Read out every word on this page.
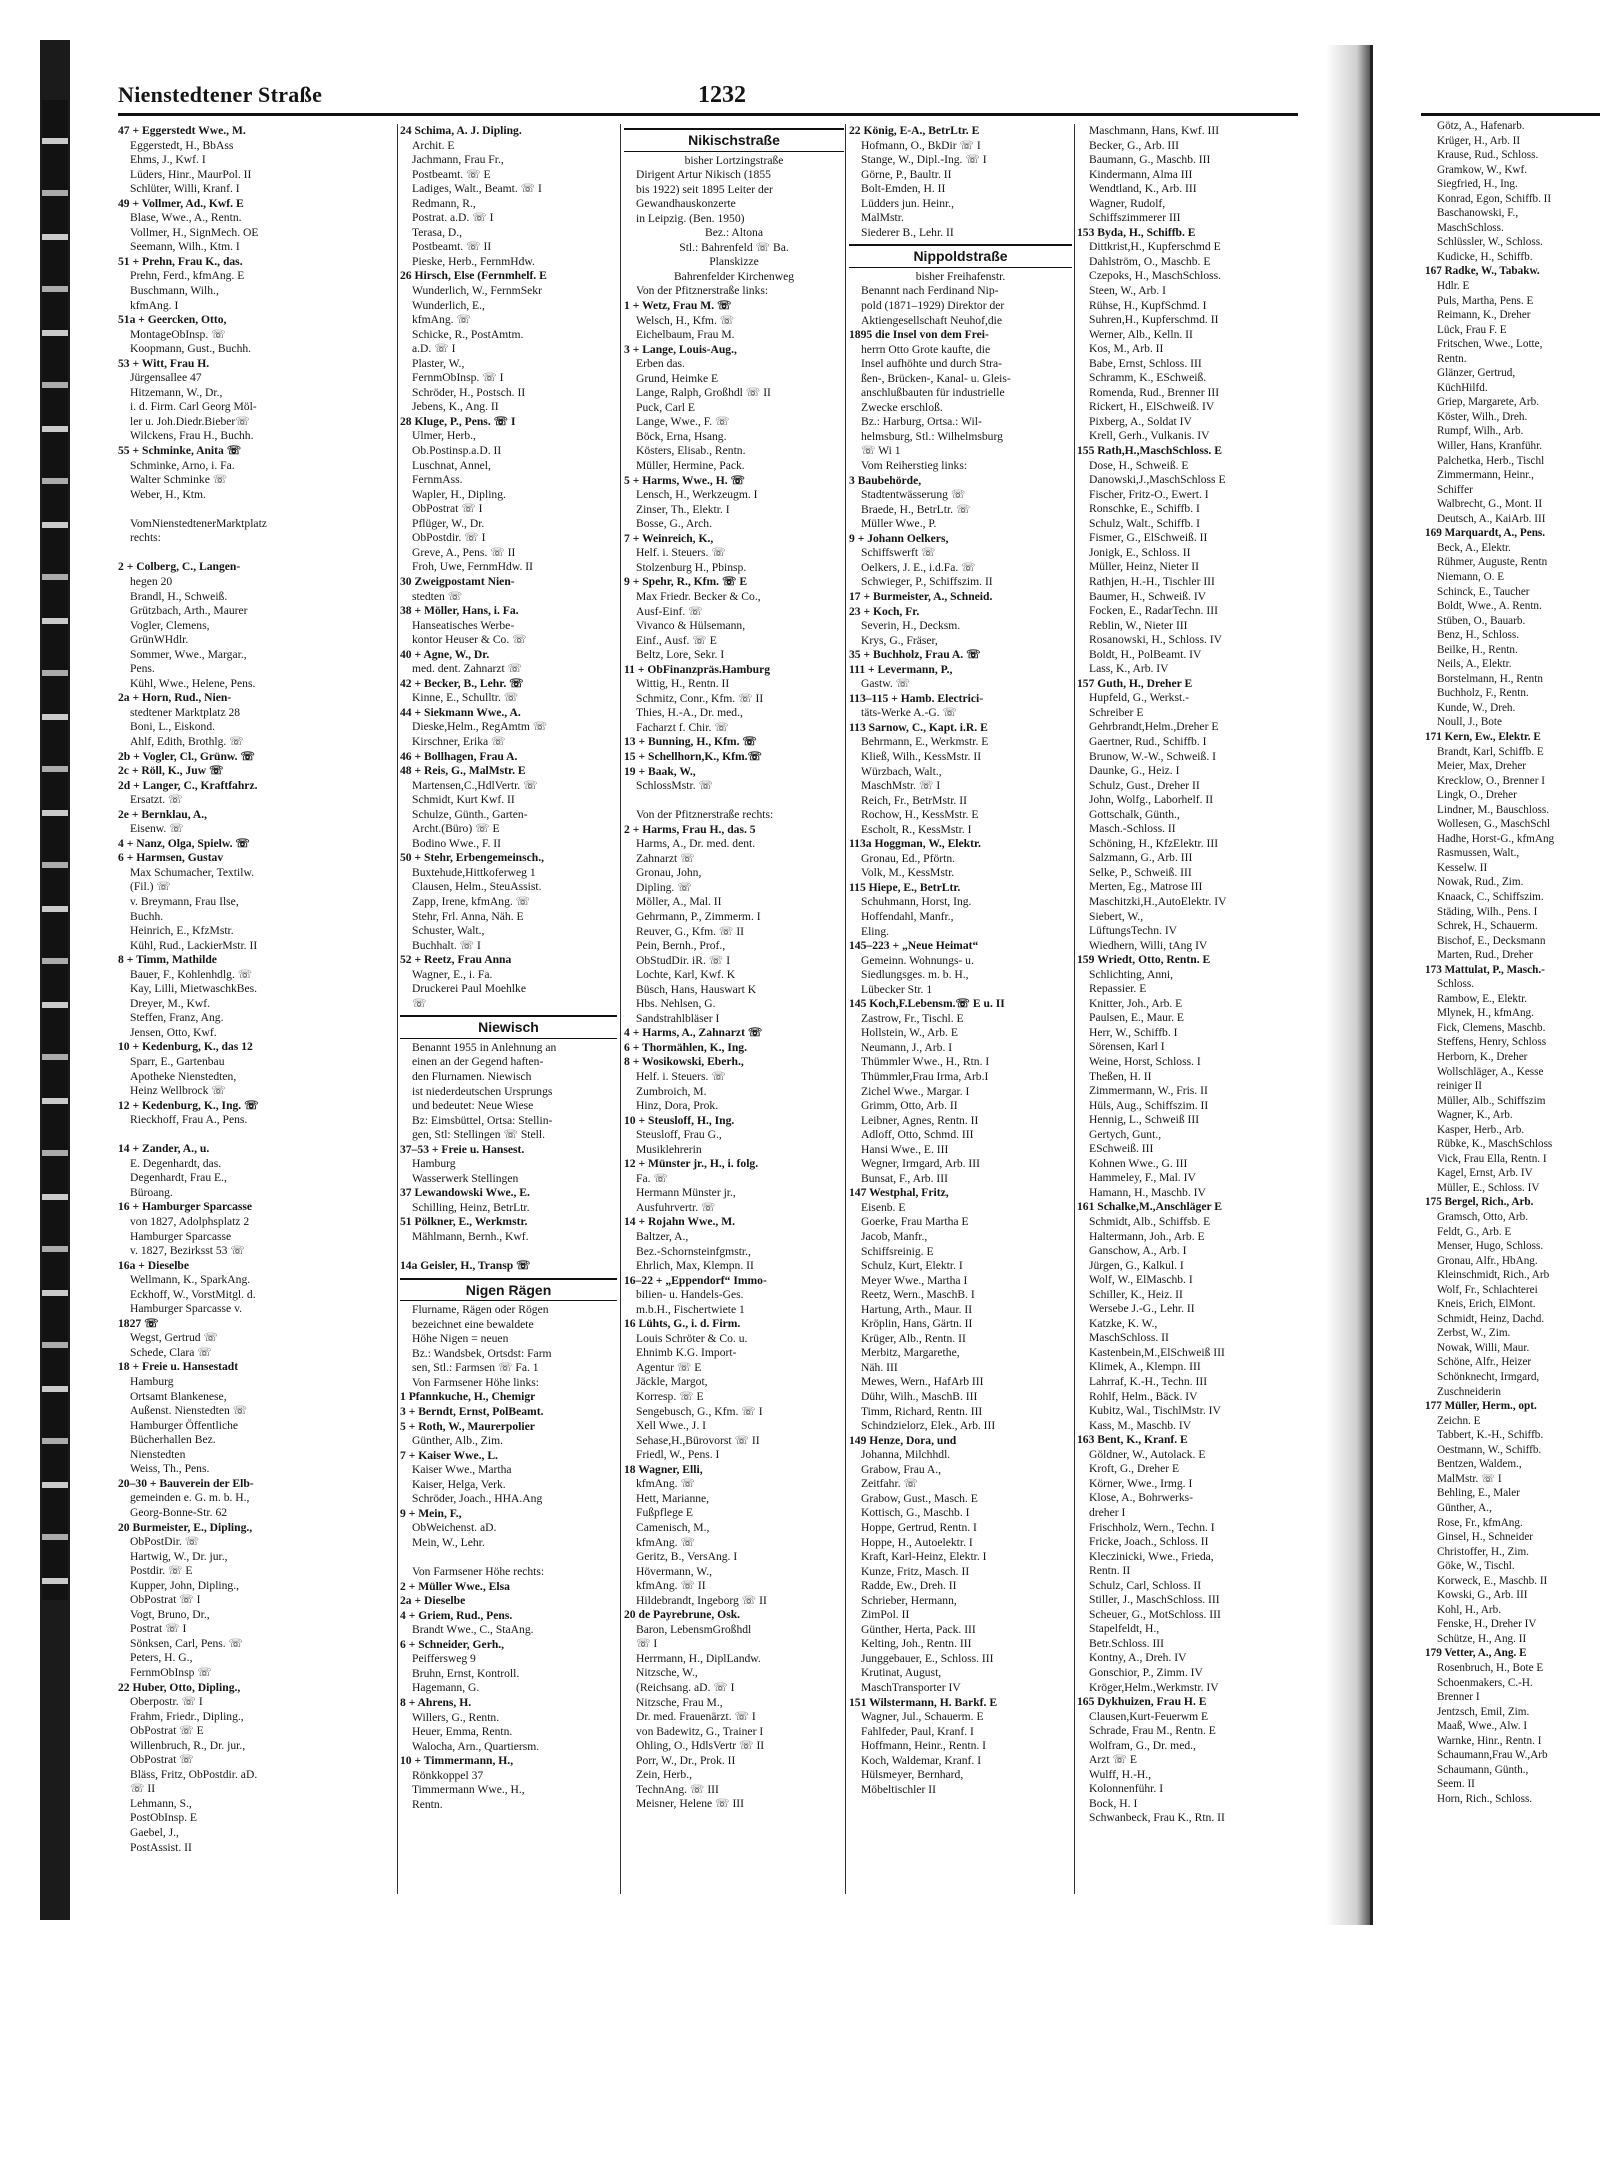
Nienstedtener Straße	1232
47 + Eggerstedt Wwe., M.
Eggerstedt, H., BbAss
Ehms, J., Kwf. I
Lüders, Hinr., MaurPol. II
Schlüter, Willi, Kranf. I
49 + Vollmer, Ad., Kwf. E
Blase, Wwe., A., Rentn.
Vollmer, H., SignMech. OE
Seemann, Wilh., Ktm. I
51 + Prehn, Frau K., das.
Prehn, Ferd., kfmAng. E
Buschmann, Wilh.,
kfmAng. I
51a + Geercken, Otto,
MontageObInsp. ☏
Koopmann, Gust., Buchh.
53 + Witt, Frau H.
Jürgensallee 47
Hitzemann, W., Dr.,
i. d. Firm. Carl Georg Möl-
ler u. Joh.Diedr.Bieber☏
Wilckens, Frau H., Buchh.
55 + Schminke, Anita ☏
Schminke, Arno, i. Fa.
Walter Schminke ☏
Weber, H., Ktm.

VomNienstedtenerMarktplatz
rechts:

2 + Colberg, C., Langen-
hegen 20
Brandl, H., Schweiß.
Grützbach, Arth., Maurer
Vogler, Clemens,
GrünWHdlr.
Sommer, Wwe., Margar.,
Pens.
Kühl, Wwe., Helene, Pens.
2a + Horn, Rud., Nien-
stedtener Marktplatz 28
Boni, L., Eiskond.
Ahlf, Edith, Brothlg. ☏
2b + Vogler, Cl., Grünw. ☏
2c + Röll, K., Juw ☏
2d + Langer, C., Kraftfahrz.
Ersatzt. ☏
2e + Bernklau, A.,
Eisenw. ☏
4 + Nanz, Olga, Spielw. ☏
6 + Harmsen, Gustav
Max Schumacher, Textilw.
(Fil.) ☏
v. Breymann, Frau Ilse,
Buchh.
Heinrich, E., KfzMstr.
Kühl, Rud., LackierMstr. II
8 + Timm, Mathilde
Bauer, F., Kohlenhdlg. ☏
Kay, Lilli, MietwaschkBes.
Dreyer, M., Kwf.
Steffen, Franz, Ang.
Jensen, Otto, Kwf.
10 + Kedenburg, K., das 12
Sparr, E., Gartenbau
Apotheke Nienstedten,
Heinz Wellbrock ☏
12 + Kedenburg, K., Ing. ☏
Rieckhoff, Frau A., Pens.

14 + Zander, A., u.
E. Degenhardt, das.
Degenhardt, Frau E.,
Büroang.
16 + Hamburger Sparcasse
von 1827, Adolphsplatz 2
Hamburger Sparcasse
v. 1827, Bezirksst 53 ☏
16a + Dieselbe
Wellmann, K., SparkAng.
Eckhoff, W., VorstMitgl. d.
Hamburger Sparcasse v.
1827 ☏
Wegst, Gertrud ☏
Schede, Clara ☏
18 + Freie u. Hansestadt
Hamburg
Ortsamt Blankenese,
Außenst. Nienstedten ☏
Hamburger Öffentliche
Bücherhallen Bez.
Nienstedten
Weiss, Th., Pens.
20–30 + Bauverein der Elb-
gemeinden e. G. m. b. H.,
Georg-Bonne-Str. 62
20 Burmeister, E., Dipling.,
ObPostDir. ☏
Hartwig, W., Dr. jur.,
Postdir. ☏ E
Kupper, John, Dipling.,
ObPostrat ☏ I
Vogt, Bruno, Dr.,
Postrat ☏ I
Sönksen, Carl, Pens. ☏
Peters, H. G.,
FernmObInsp ☏
22 Huber, Otto, Dipling.,
Oberpostr. ☏ I
Frahm, Friedr., Dipling.,
ObPostrat ☏ E
Willenbruch, R., Dr. jur.,
ObPostrat ☏
Bläss, Fritz, ObPostdir. aD.
☏ II
Lehmann, S.,
PostObInsp. E
Gaebel, J.,
PostAssist. II
24 Schima, A. J. Dipling.
Archit. E
Jachmann, Frau Fr.,
Postbeamt. ☏ E
Ladiges, Walt., Beamt. ☏ I
Redmann, R.,
Postrat. a.D. ☏ I
Terasa, D.,
Postbeamt. ☏ II
Pieske, Herb., FernmHdw.
26 Hirsch, Else (Fernmhelf. E
Wunderlich, W., FernmSekr
Wunderlich, E.,
kfmAng. ☏
Schicke, R., PostAmtm.
a.D. ☏ I
Plaster, W.,
FernmObInsp. ☏ I
Schröder, H., Postsch. II
Jebens, K., Ang. II
28 Kluge, P., Pens. ☏ I
Ulmer, Herb.,
Ob.Postinsp.a.D. II
Luschnat, Annel,
FernmAss.
Wapler, H., Dipling.
ObPostrat ☏ I
Pflüger, W., Dr.
ObPostdir. ☏ I
Greve, A., Pens. ☏ II
Froh, Uwe, FernmHdw. II
30 Zweigpostamt Nien-
stedten ☏
38 + Möller, Hans, i. Fa.
Hanseatisches Werbe-
kontor Heuser & Co. ☏
40 + Agne, W., Dr.
med. dent. Zahnarzt ☏
42 + Becker, B., Lehr. ☏
Kinne, E., Schulltr. ☏
44 + Siekmann Wwe., A.
Dieske,Helm., RegAmtm ☏
Kirschner, Erika ☏
46 + Bollhagen, Frau A.
48 + Reis, G., MalMstr. E
Martensen,C.,HdlVertr. ☏
Schmidt, Kurt Kwf. II
Schulze, Günth., Garten-
Archt.(Büro) ☏ E
Bodino Wwe., F. II
50 + Stehr, Erbengemeinsch.,
Buxtehude,Hittkoferweg 1
Clausen, Helm., SteuAssist.
Zapp, Irene, kfmAng. ☏
Stehr, Frl. Anna, Näh. E
Schuster, Walt.,
Buchhalt. ☏ I
52 + Reetz, Frau Anna
Wagner, E., i. Fa.
Druckerei Paul Moehlke
☏
Niewisch
Benannt 1955 in Anlehnung an
einen an der Gegend haften-
den Flurnamen. Niewisch
ist niederdeutschen Ursprungs
und bedeutet: Neue Wiese
Bz: Eimsbüttel, Ortsa: Stellin-
gen, Stl: Stellingen ☏ Stell.
37–53 + Freie u. Hansest.
Hamburg
Wasserwerk Stellingen
37 Lewandowski Wwe., E.
Schilling, Heinz, BetrLtr.
51 Pölkner, E., Werkmstr.
Mählmann, Bernh., Kwf.

14a Geisler, H., Transp ☏
Nigen Rägen
Flurname, Rägen oder Rögen
bezeichnet eine bewaldete
Höhe Nigen = neuen
Bz.: Wandsbek, Ortsdst: Farm
sen, Stl.: Farmsen ☏ Fa. 1
Von Farmsener Höhe links:
1 Pfannkuche, H., Chemigr
3 + Berndt, Ernst, PolBeamt.
5 + Roth, W., Maurerpolier
Günther, Alb., Zim.
7 + Kaiser Wwe., L.
Kaiser Wwe., Martha
Kaiser, Helga, Verk.
Schröder, Joach., HHA.Ang
9 + Mein, F.,
ObWeichenst. aD.
Mein, W., Lehr.

Von Farmsener Höhe rechts:
2 + Müller Wwe., Elsa
2a + Dieselbe
4 + Griem, Rud., Pens.
Brandt Wwe., C., StaAng.
6 + Schneider, Gerh.,
Peiffersweg 9
Bruhn, Ernst, Kontroll.
Hagemann, G.
8 + Ahrens, H.
Willers, G., Rentn.
Heuer, Emma, Rentn.
Walocha, Arn., Quartiersm.
10 + Timmermann, H.,
Rönkkoppel 37
Timmermann Wwe., H.,
Rentn.
Nikischstraße
bisher Lortzingstraße
Dirigent Artur Nikisch (1855
bis 1922) seit 1895 Leiter der
Gewandhauskonzerte
in Leipzig. (Ben. 1950)
Bez.: Altona
Stl.: Bahrenfeld ☏ Ba.
Planskizze
Bahrenfelder Kirchenweg
Von der Pfitznerstraße links:
1 + Wetz, Frau M. ☏
Welsch, H., Kfm. ☏
Eichelbaum, Frau M.
3 + Lange, Louis-Aug.,
Erben das.
Grund, Heimke E
Lange, Ralph, Großhdl ☏ II
Puck, Carl E
Lange, Wwe., F. ☏
Böck, Erna, Hsang.
Kösters, Elisab., Rentn.
Müller, Hermine, Pack.
5 + Harms, Wwe., H. ☏
Lensch, H., Werkzeugm. I
Zinser, Th., Elektr. I
Bosse, G., Arch.
7 + Weinreich, K.,
Helf. i. Steuers. ☏
Stolzenburg H., Pbinsp.
9 + Spehr, R., Kfm. ☏ E
Max Friedr. Becker & Co.,
Ausf-Einf. ☏
Vivanco & Hülsemann,
Einf., Ausf. ☏ E
Beltz, Lore, Sekr. I
11 + ObFinanzpräs.Hamburg
Wittig, H., Rentn. II
Schmitz, Conr., Kfm. ☏ II
Thies, H.-A., Dr. med.,
Facharzt f. Chir. ☏
13 + Bunning, H., Kfm. ☏
15 + Schellhorn,K., Kfm.☏
19 + Baak, W.,
SchlossMstr. ☏

Von der Pfitznerstraße rechts:
2 + Harms, Frau H., das. 5
Harms, A., Dr. med. dent.
Zahnarzt ☏
Gronau, John,
Dipling. ☏
Möller, A., Mal. II
Gehrmann, P., Zimmerm. I
Reuver, G., Kfm. ☏ II
Pein, Bernh., Prof.,
ObStudDir. iR. ☏ I
Lochte, Karl, Kwf. K
Büsch, Hans, Hauswart K
Hbs. Nehlsen, G.
Sandstrahlbläser I
4 + Harms, A., Zahnarzt ☏
6 + Thormählen, K., Ing.
8 + Wosikowski, Eberh.,
Helf. i. Steuers. ☏
Zumbroich, M.
Hinz, Dora, Prok.
10 + Steusloff, H., Ing.
Steusloff, Frau G.,
Musiklehrerin
12 + Münster jr., H., i. folg.
Fa. ☏
Hermann Münster jr.,
Ausfuhrvertr. ☏
14 + Rojahn Wwe., M.
Baltzer, A.,
Bez.-Schornsteinfgmstr.,
Ehrlich, Max, Klempn. II
16–22 + „Eppendorf“ Immo-
bilien- u. Handels-Ges.
m.b.H., Fischertwiete 1
16 Lühts, G., i. d. Firm.
Louis Schröter & Co. u.
Ehnimb K.G. Import-
Agentur ☏ E
Jäckle, Margot,
Korresp. ☏ E
Sengebusch, G., Kfm. ☏ I
Xell Wwe., J. I
Sehase,H.,Bürovorst ☏ II
Friedl, W., Pens. I
18 Wagner, Elli,
kfmAng. ☏
Hett, Marianne,
Fußpflege E
Camenisch, M.,
kfmAng. ☏
Geritz, B., VersAng. I
Hövermann, W.,
kfmAng. ☏ II
Hildebrandt, Ingeborg ☏ II
20 de Payrebrune, Osk.
Baron, LebensmGroßhdl
☏ I
Herrmann, H., DiplLandw.
Nitzsche, W.,
(Reichsang. aD. ☏ I
Nitzsche, Frau M.,
Dr. med. Frauenärzt. ☏ I
von Badewitz, G., Trainer I
Ohling, O., HdlsVertr ☏ II
Porr, W., Dr., Prok. II
Zein, Herb.,
TechnAng. ☏ III
Meisner, Helene ☏ III
22 König, E-A., BetrLtr. E
Hofmann, O., BkDir ☏ I
Stange, W., Dipl.-Ing. ☏ I
Görne, P., Baultr. II
Bolt-Emden, H. II
Lüdders jun. Heinr.,
MalMstr.
Siederer B., Lehr. II
Nippoldstraße
bisher Freihafenstr.
Benannt nach Ferdinand Nip-
pold (1871–1929) Direktor der
Aktiengesellschaft Neuhof,die
1895 die Insel von dem Frei-
herrn Otto Grote kaufte, die
Insel aufhöhte und durch Stra-
ßen-, Brücken-, Kanal- u. Gleis-
anschlußbauten für industrielle
Zwecke erschloß.
Bz.: Harburg, Ortsa.: Wil-
helmsburg, Stl.: Wilhelmsburg
☏ Wi 1
Vom Reiherstieg links:
3 Baubehörde,
Stadtentwässerung ☏
Braede, H., BetrLtr. ☏
Müller Wwe., P.
9 + Johann Oelkers,
Schiffswerft ☏
Oelkers, J. E., i.d.Fa. ☏
Schwieger, P., Schiffszim. II
17 + Burmeister, A., Schneid.
23 + Koch, Fr.
Severin, H., Decksm.
Krys, G., Fräser,
35 + Buchholz, Frau A. ☏
111 + Levermann, P.,
Gastw. ☏
113–115 + Hamb. Electrici-
täts-Werke A.-G. ☏
113 Sarnow, C., Kapt. i.R. E
Behrmann, E., Werkmstr. E
Kließ, Wilh., KessMstr. II
Würzbach, Walt.,
MaschMstr. ☏ I
Reich, Fr., BetrMstr. II
Rochow, H., KessMstr. E
Escholt, R., KessMstr. I
113a Hoggman, W., Elektr.
Gronau, Ed., Pförtn.
Volk, M., KessMstr.
115 Hiepe, E., BetrLtr.
Schuhmann, Horst, Ing.
Hoffendahl, Manfr.,
Eling.
145–223 + „Neue Heimat“
Gemeinn. Wohnungs- u.
Siedlungsges. m. b. H.,
Lübecker Str. 1
145 Koch,F.Lebensm.☏ E u. II
Zastrow, Fr., Tischl. E
Hollstein, W., Arb. E
Neumann, J., Arb. I
Thümmler Wwe., H., Rtn. I
Thümmler,Frau Irma, Arb.I
Zichel Wwe., Margar. I
Grimm, Otto, Arb. II
Leibner, Agnes, Rentn. II
Adloff, Otto, Schmd. III
Hansi Wwe., E. III
Wegner, Irmgard, Arb. III
Bunsat, F., Arb. III
147 Westphal, Fritz,
Eisenb. E
Goerke, Frau Martha E
Jacob, Manfr.,
Schiffsreinig. E
Schulz, Kurt, Elektr. I
Meyer Wwe., Martha I
Reetz, Wern., MaschB. I
Hartung, Arth., Maur. II
Kröplin, Hans, Gärtn. II
Krüger, Alb., Rentn. II
Merbitz, Margarethe,
Näh. III
Mewes, Wern., HafArb III
Dühr, Wilh., MaschB. III
Timm, Richard, Rentn. III
Schindzielorz, Elek., Arb. III
149 Henze, Dora, und
Johanna, Milchhdl.
Grabow, Frau A.,
Zeitfahr. ☏
Grabow, Gust., Masch. E
Kottisch, G., Maschb. I
Hoppe, Gertrud, Rentn. I
Hoppe, H., Autoelektr. I
Kraft, Karl-Heinz, Elektr. I
Kunze, Fritz, Masch. II
Radde, Ew., Dreh. II
Schrieber, Hermann,
ZimPol. II
Günther, Herta, Pack. III
Kelting, Joh., Rentn. III
Junggebauer, E., Schloss. III
Krutinat, August,
MaschTransporter IV
151 Wilstermann, H. Barkf. E
Wagner, Jul., Schauerm. E
Fahlfeder, Paul, Kranf. I
Hoffmann, Heinr., Rentn. I
Koch, Waldemar, Kranf. I
Hülsmeyer, Bernhard,
Möbeltischler II
Maschmann, Hans, Kwf. III
Becker, G., Arb. III
Baumann, G., Maschb. III
Kindermann, Alma III
Wendtland, K., Arb. III
Wagner, Rudolf,
Schiffszimmerer III
153 Byda, H., Schiffb. E
Dittkrist,H., Kupferschmd E
Dahlström, O., Maschb. E
Czepoks, H., MaschSchloss.
Steen, W., Arb. I
Rühse, H., KupfSchmd. I
Suhren,H., Kupferschmd. II
Werner, Alb., Kelln. II
Kos, M., Arb. II
Babe, Ernst, Schloss. III
Schramm, K., ESchweiß.
Romenda, Rud., Brenner III
Rickert, H., ElSchweiß. IV
Pixberg, A., Soldat IV
Krell, Gerh., Vulkanis. IV
155 Rath,H.,MaschSchloss. E
Dose, H., Schweiß. E
Danowski,J.,MaschSchloss E
Fischer, Fritz-O., Ewert. I
Ronschke, E., Schiffb. I
Schulz, Walt., Schiffb. I
Fismer, G., ElSchweiß. II
Jonigk, E., Schloss. II
Müller, Heinz, Nieter II
Rathjen, H.-H., Tischler III
Baumer, H., Schweiß. IV
Focken, E., RadarTechn. III
Reblin, W., Nieter III
Rosanowski, H., Schloss. IV
Boldt, H., PolBeamt. IV
Lass, K., Arb. IV
157 Guth, H., Dreher E
Hupfeld, G., Werkst.-
Schreiber E
Gehrbrandt,Helm.,Dreher E
Gaertner, Rud., Schiffb. I
Brunow, W.-W., Schweiß. I
Daunke, G., Heiz. I
Schulz, Gust., Dreher II
John, Wolfg., Laborhelf. II
Gottschalk, Günth.,
Masch.-Schloss. II
Schöning, H., KfzElektr. III
Salzmann, G., Arb. III
Selke, P., Schweiß. III
Merten, Eg., Matrose III
Maschitzki,H.,AutoElektr. IV
Siebert, W.,
LüftungsTechn. IV
Wiedhern, Willi, tAng IV
159 Wriedt, Otto, Rentn. E
Schlichting, Anni,
Repassier. E
Knitter, Joh., Arb. E
Paulsen, E., Maur. E
Herr, W., Schiffb. I
Sörensen, Karl I
Weine, Horst, Schloss. I
Theßen, H. II
Zimmermann, W., Fris. II
Hüls, Aug., Schiffszim. II
Hennig, L., Schweiß III
Gertych, Gunt.,
ESchweiß. III
Kohnen Wwe., G. III
Hammeley, F., Mal. IV
Hamann, H., Maschb. IV
161 Schalke,M.,Anschläger E
Schmidt, Alb., Schiffsb. E
Haltermann, Joh., Arb. E
Ganschow, A., Arb. I
Jürgen, G., Kalkul. I
Wolf, W., ElMaschb. I
Schiller, K., Heiz. II
Wersebe J.-G., Lehr. II
Katzke, K. W.,
MaschSchloss. II
Kastenbein,M.,ElSchweiß III
Klimek, A., Klempn. III
Lahrraf, K.-H., Techn. III
Rohlf, Helm., Bäck. IV
Kubitz, Wal., TischlMstr. IV
Kass, M., Maschb. IV
163 Bent, K., Kranf. E
Göldner, W., Autolack. E
Kroft, G., Dreher E
Körner, Wwe., Irmg. I
Klose, A., Bohrwerks-
dreher I
Frischholz, Wern., Techn. I
Fricke, Joach., Schloss. II
Kleczinicki, Wwe., Frieda,
Rentn. II
Schulz, Carl, Schloss. II
Stiller, J., MaschSchloss. III
Scheuer, G., MotSchloss. III
Stapelfeldt, H.,
Betr.Schloss. III
Kontny, A., Dreh. IV
Gonschior, P., Zimm. IV
Kröger,Helm.,Werkmstr. IV
165 Dykhuizen, Frau H. E
Clausen,Kurt-Feuerwm E
Schrade, Frau M., Rentn. E
Wolfram, G., Dr. med.,
Arzt ☏ E
Wulff, H.-H.,
Kolonnenführ. I
Bock, H. I
Schwanbeck, Frau K., Rtn. II
Götz, A., Hafenarb.
Krüger, H., Arb. II
Krause, Rud., Schloss.
Gramkow, W., Kwf.
Siegfried, H., Ing.
Konrad, Egon, Schiffb. II
Baschanowski, F.,
MaschSchloss.
Schlüssler, W., Schloss.
Kudicke, H., Schiffb.
167 Radke, W., Tabakw.
Hdlr. E
Puls, Martha, Pens. E
Reimann, K., Dreher
Lück, Frau F. E
Fritschen, Wwe., Lotte,
Rentn.
Glänzer, Gertrud,
KüchHilfd.
Griep, Margarete, Arb.
Köster, Wilh., Dreh.
Rumpf, Wilh., Arb.
Willer, Hans, Kranführ.
Palchetka, Herb., Tischl
Zimmermann, Heinr.,
Schiffer
Walbrecht, G., Mont. II
Deutsch, A., KaiArb. III
169 Marquardt, A., Pens.
Beck, A., Elektr.
Rühmer, Auguste, Rentn
Niemann, O. E
Schinck, E., Taucher
Boldt, Wwe., A. Rentn.
Stüben, O., Bauarb.
Benz, H., Schloss.
Beilke, H., Rentn.
Neils, A., Elektr.
Borstelmann, H., Rentn
Buchholz, F., Rentn.
Kunde, W., Dreh.
Noull, J., Bote
171 Kern, Ew., Elektr. E
Brandt, Karl, Schiffb. E
Meier, Max, Dreher
Krecklow, O., Brenner I
Lingk, O., Dreher
Lindner, M., Bauschloss.
Wollesen, G., MaschSchl
Hadhe, Horst-G., kfmAng
Rasmussen, Walt.,
Kesselw. II
Nowak, Rud., Zim.
Knaack, C., Schiffszim.
Städing, Wilh., Pens. I
Schrek, H., Schauerm.
Bischof, E., Decksmann
Marten, Rud., Dreher
173 Mattulat, P., Masch.-
Schloss.
Rambow, E., Elektr.
Mlynek, H., kfmAng.
Fick, Clemens, Maschb.
Steffens, Henry, Schloss
Herborn, K., Dreher
Wollschläger, A., Kesse
reiniger II
Müller, Alb., Schiffszim
Wagner, K., Arb.
Kasper, Herb., Arb.
Rübke, K., MaschSchloss
Vick, Frau Ella, Rentn. I
Kagel, Ernst, Arb. IV
Müller, E., Schloss. IV
175 Bergel, Rich., Arb.
Gramsch, Otto, Arb.
Feldt, G., Arb. E
Menser, Hugo, Schloss.
Gronau, Alfr., HbAng.
Kleinschmidt, Rich., Arb
Wolf, Fr., Schlachterei
Kneis, Erich, ElMont.
Schmidt, Heinz, Dachd.
Zerbst, W., Zim.
Nowak, Willi, Maur.
Schöne, Alfr., Heizer
Schönknecht, Irmgard,
Zuschneiderin
177 Müller, Herm., opt.
Zeichn. E
Tabbert, K.-H., Schiffb.
Oestmann, W., Schiffb.
Bentzen, Waldem.,
MalMstr. ☏ I
Behling, E., Maler
Günther, A.,
Rose, Fr., kfmAng.
Ginsel, H., Schneider
Christoffer, H., Zim.
Göke, W., Tischl.
Korweck, E., Maschb. II
Kowski, G., Arb. III
Kohl, H., Arb.
Fenske, H., Dreher IV
Schütze, H., Ang. II
179 Vetter, A., Ang. E
Rosenbruch, H., Bote E
Schoenmakers, C.-H.
Brenner I
Jentzsch, Emil, Zim.
Maaß, Wwe., Alw. I
Warnke, Hinr., Rentn. I
Schaumann,Frau W.,Arb
Schaumann, Günth.,
Seem. II
Horn, Rich., Schloss.
